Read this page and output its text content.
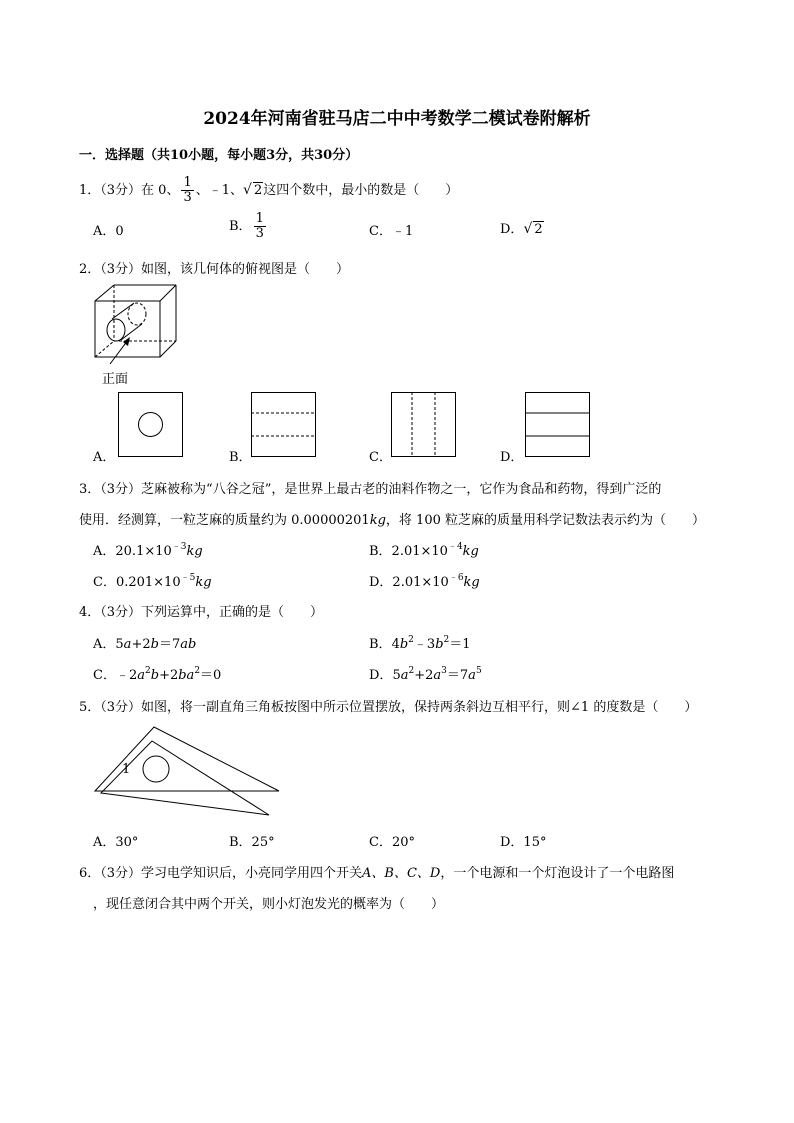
2024年河南省驻马店二中中考数学二模试卷附解析
一．选择题（共10小题，每小题3分，共30分）
1．（3分）在 0、 $\frac{1}{3}$ 、﹣1、√ 2这四个数中，最小的数是（　　）
A．0	B． $\frac{1}{3}$	C．﹣1	D．√ 2
2．（3分）如图，该几何体的俯视图是（　　）
正面
A．	B．	C．	D．
3．（3分）芝麻被称为“八谷之冠”，是世界上最古老的油料作物之一，它作为食品和药物，得到广泛的
使用．经测算，一粒芝麻的质量约为 0.00000201kg，将 100 粒芝麻的质量用科学记数法表示约为（　　）
A．$20.1\times 10^{﹣3}kg$	B．$2.01\times 10^{﹣4}kg$
C．$0.201\times 10^{﹣5}kg$	D．$2.01\times 10^{﹣6}kg$
4．（3分）下列运算中，正确的是（　　）
A．5a+2b＝7ab	B．$4b^2﹣3b^2=1$
C．$﹣2a^2b+2ba^2=0$	D．$5a^2+2a^3=7a^5$
5．（3分）如图，将一副直角三角板按图中所示位置摆放，保持两条斜边互相平行，则∠1 的度数是（　　）
1
A．30°	B．25°	C．20°	D．15°
6．（3分）学习电学知识后，小亮同学用四个开关A、B、C、D，一个电源和一个灯泡设计了一个电路图
，现任意闭合其中两个开关，则小灯泡发光的概率为（　　）
